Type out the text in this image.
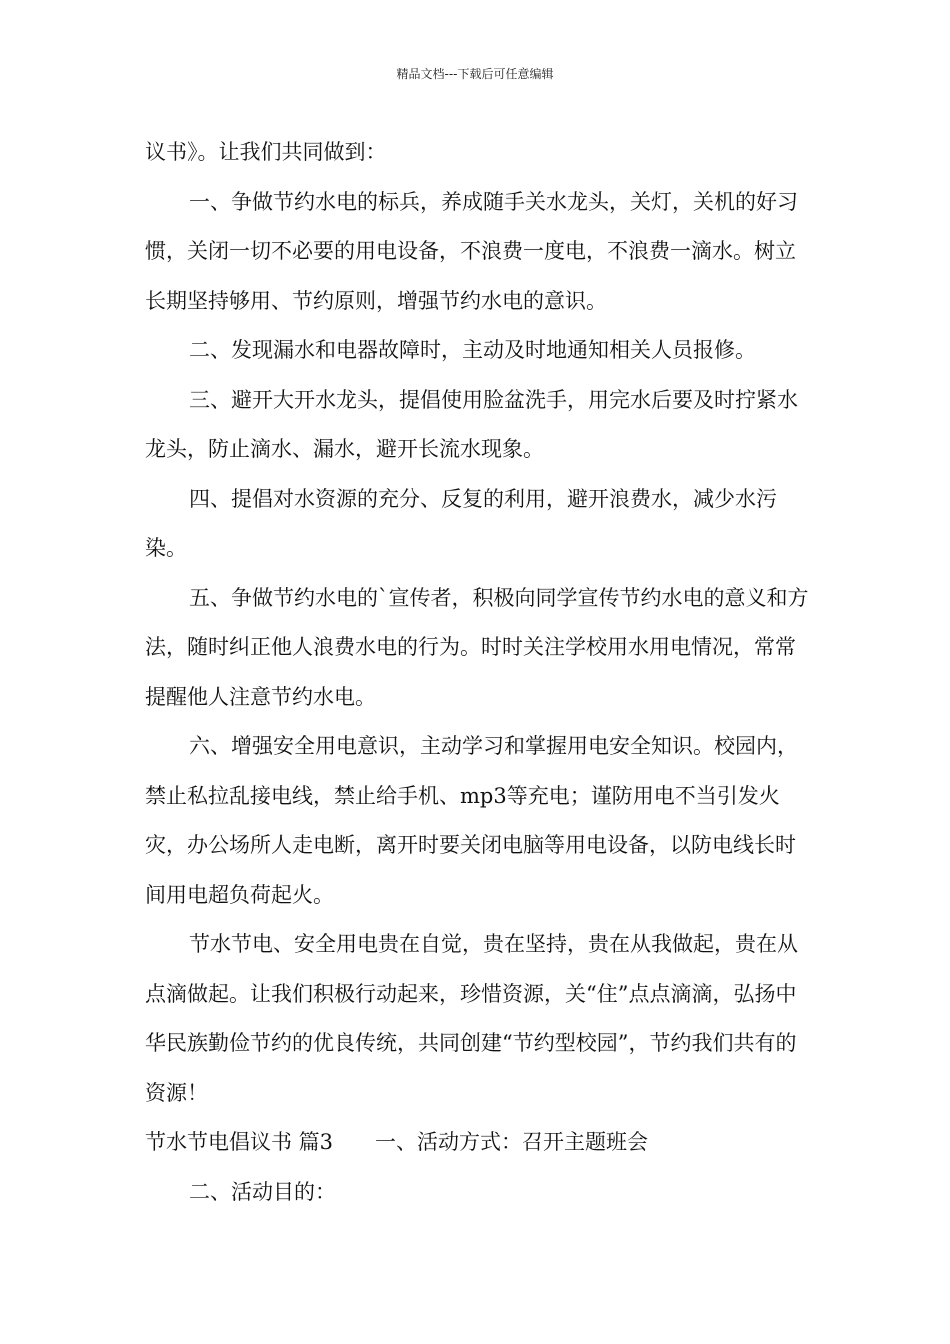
精品文档---下载后可任意编辑

议书》。让我们共同做到：

一、争做节约水电的标兵，养成随手关水龙头，关灯，关机的好习惯，关闭一切不必要的用电设备，不浪费一度电，不浪费一滴水。树立长期坚持够用、节约原则，增强节约水电的意识。

二、发现漏水和电器故障时，主动及时地通知相关人员报修。

三、避开大开水龙头，提倡使用脸盆洗手，用完水后要及时拧紧水龙头，防止滴水、漏水，避开长流水现象。

四、提倡对水资源的充分、反复的利用，避开浪费水，减少水污染。

五、争做节约水电的`宣传者，积极向同学宣传节约水电的意义和方法，随时纠正他人浪费水电的行为。时时关注学校用水用电情况，常常提醒他人注意节约水电。

六、增强安全用电意识，主动学习和掌握用电安全知识。校园内，禁止私拉乱接电线，禁止给手机、mp3等充电；谨防用电不当引发火灾，办公场所人走电断，离开时要关闭电脑等用电设备，以防电线长时间用电超负荷起火。

节水节电、安全用电贵在自觉，贵在坚持，贵在从我做起，贵在从点滴做起。让我们积极行动起来，珍惜资源，关“住”点点滴滴，弘扬中华民族勤俭节约的优良传统，共同创建“节约型校园”，节约我们共有的资源！

节水节电倡议书 篇3　　一、活动方式：召开主题班会

二、活动目的：
